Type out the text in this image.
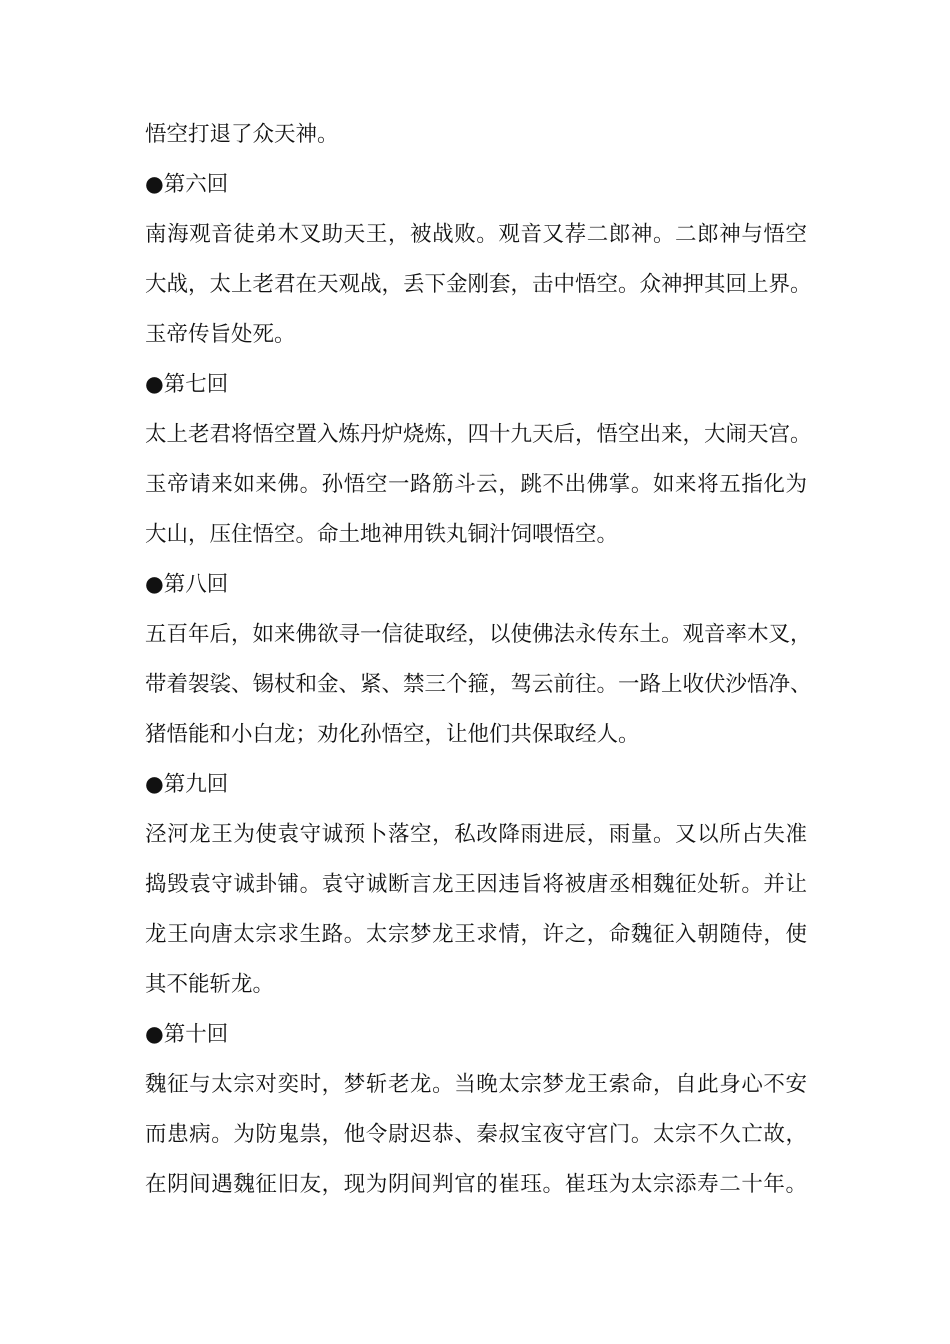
悟空打退了众天神。
●第六回
南海观音徒弟木叉助天王，被战败。观音又荐二郎神。二郎神与悟空
大战，太上老君在天观战，丢下金刚套，击中悟空。众神押其回上界。
玉帝传旨处死。
●第七回
太上老君将悟空置入炼丹炉烧炼，四十九天后，悟空出来，大闹天宫。
玉帝请来如来佛。孙悟空一路筋斗云，跳不出佛掌。如来将五指化为
大山，压住悟空。命土地神用铁丸铜汁饲喂悟空。
●第八回
五百年后，如来佛欲寻一信徒取经，以使佛法永传东土。观音率木叉，
带着袈裟、锡杖和金、紧、禁三个箍，驾云前往。一路上收伏沙悟净、
猪悟能和小白龙；劝化孙悟空，让他们共保取经人。
●第九回
泾河龙王为使袁守诚预卜落空，私改降雨进辰，雨量。又以所占失准
捣毁袁守诚卦铺。袁守诚断言龙王因违旨将被唐丞相魏征处斩。并让
龙王向唐太宗求生路。太宗梦龙王求情，许之，命魏征入朝随侍，使
其不能斩龙。
●第十回
魏征与太宗对奕时，梦斩老龙。当晚太宗梦龙王索命，自此身心不安
而患病。为防鬼祟，他令尉迟恭、秦叔宝夜守宫门。太宗不久亡故，
在阴间遇魏征旧友，现为阴间判官的崔珏。崔珏为太宗添寿二十年。
